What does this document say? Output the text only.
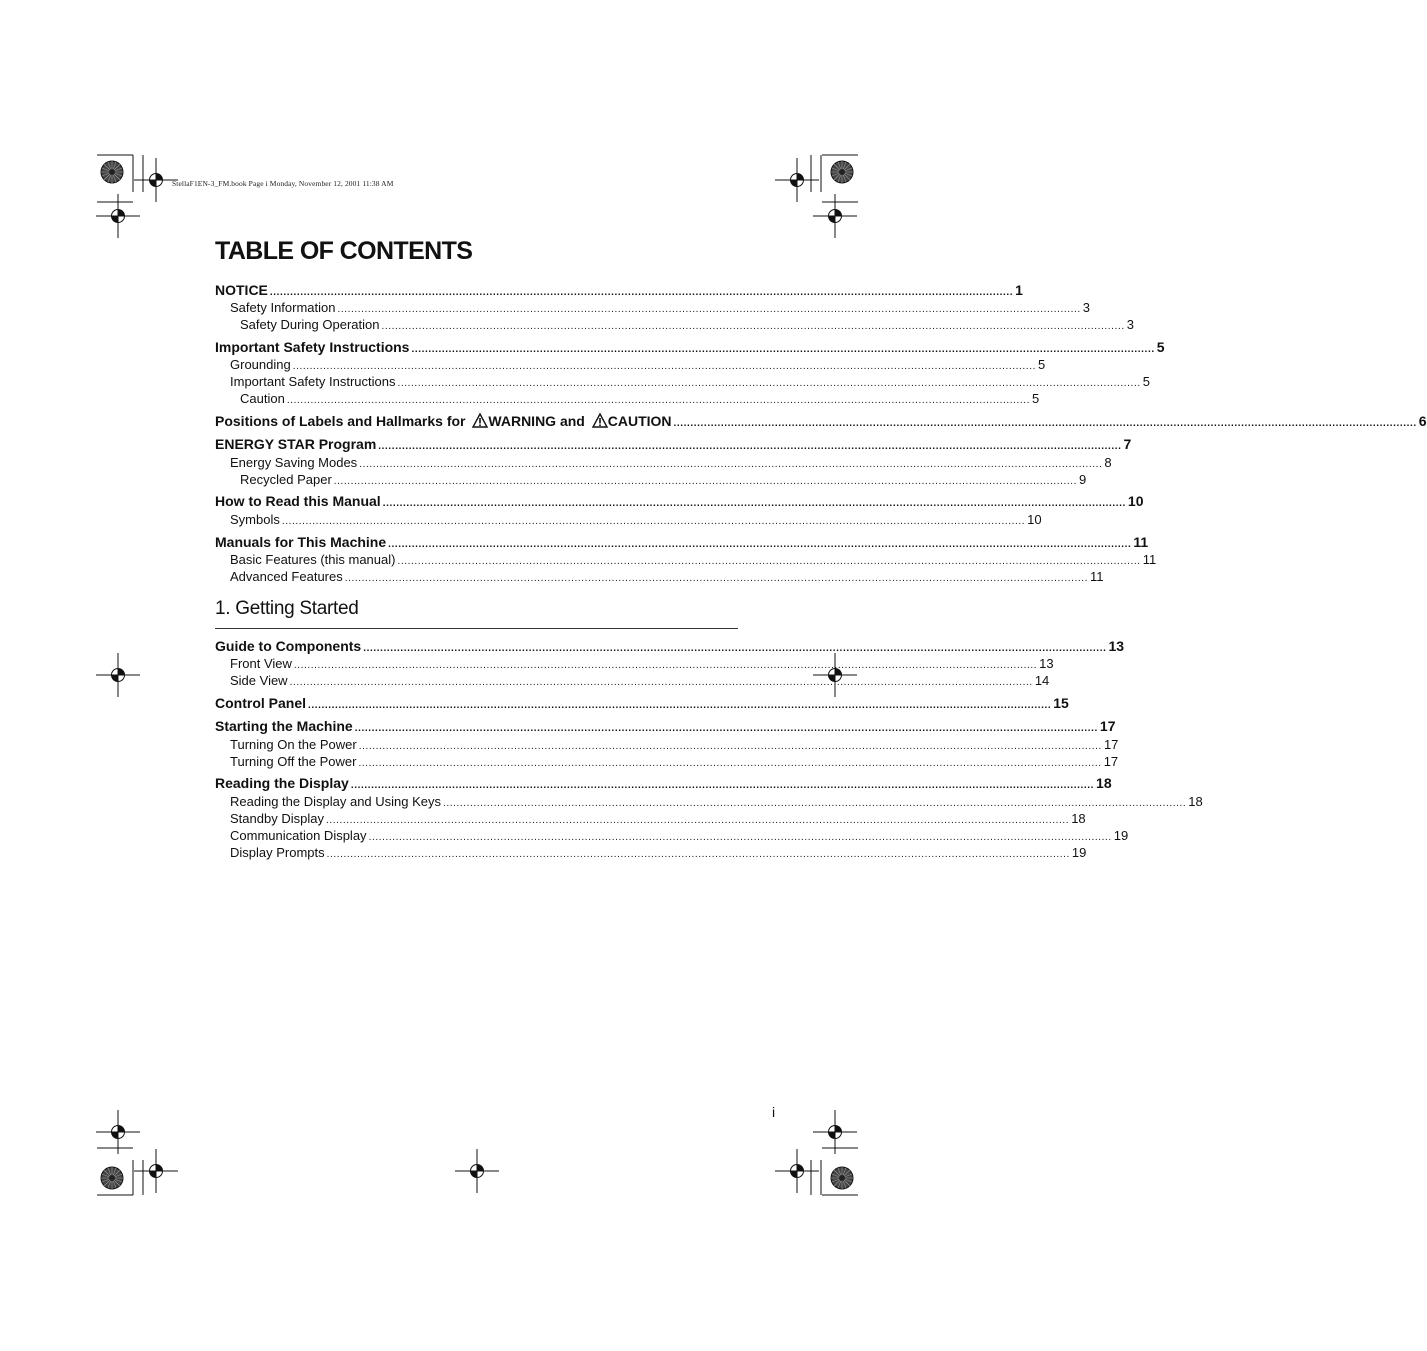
StellaF1EN-3_FM.book Page i Monday, November 12, 2001 11:38 AM
TABLE OF CONTENTS
NOTICE ............................................................................................................................................................................................................................ 1
Safety Information ............................................................................................................................................................................................................................ 3
Safety During Operation ............................................................................................................................................................................................................................ 3
Important Safety Instructions ............................................................................................................................................................................................................................ 5
Grounding ............................................................................................................................................................................................................................ 5
Important Safety Instructions ............................................................................................................................................................................................................................ 5
Caution ............................................................................................................................................................................................................................ 5
Positions of Labels and Hallmarks for WARNING and CAUTION ............................................................................................................................................................................................................................ 6
ENERGY STAR Program ............................................................................................................................................................................................................................ 7
Energy Saving Modes ............................................................................................................................................................................................................................ 8
Recycled Paper ............................................................................................................................................................................................................................ 9
How to Read this Manual ............................................................................................................................................................................................................................ 10
Symbols ............................................................................................................................................................................................................................ 10
Manuals for This Machine ............................................................................................................................................................................................................................ 11
Basic Features (this manual) ............................................................................................................................................................................................................................ 11
Advanced Features ............................................................................................................................................................................................................................ 11
1. Getting Started
Guide to Components ............................................................................................................................................................................................................................ 13
Front View ............................................................................................................................................................................................................................ 13
Side View ............................................................................................................................................................................................................................ 14
Control Panel ............................................................................................................................................................................................................................ 15
Starting the Machine ............................................................................................................................................................................................................................ 17
Turning On the Power ............................................................................................................................................................................................................................ 17
Turning Off the Power ............................................................................................................................................................................................................................ 17
Reading the Display ............................................................................................................................................................................................................................ 18
Reading the Display and Using Keys ............................................................................................................................................................................................................................ 18
Standby Display ............................................................................................................................................................................................................................ 18
Communication Display ............................................................................................................................................................................................................................ 19
Display Prompts ............................................................................................................................................................................................................................ 19
i
